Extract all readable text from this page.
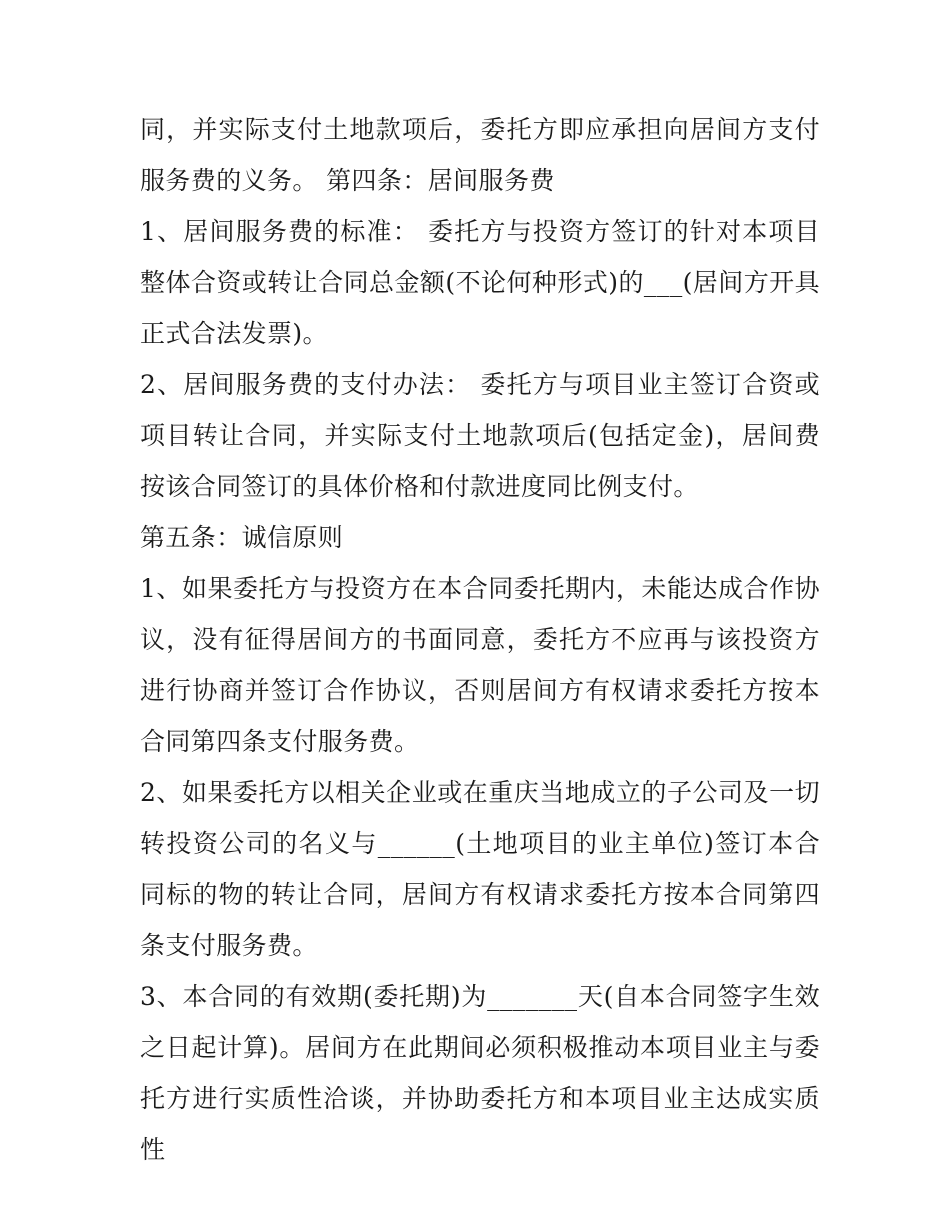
同，并实际支付土地款项后，委托方即应承担向居间方支付服务费的义务。 第四条：居间服务费

1、居间服务费的标准： 委托方与投资方签订的针对本项目整体合资或转让合同总金额(不论何种形式)的___(居间方开具正式合法发票)。

2、居间服务费的支付办法： 委托方与项目业主签订合资或项目转让合同，并实际支付土地款项后(包括定金)，居间费按该合同签订的具体价格和付款进度同比例支付。

第五条：诚信原则

1、如果委托方与投资方在本合同委托期内，未能达成合作协议，没有征得居间方的书面同意，委托方不应再与该投资方进行协商并签订合作协议，否则居间方有权请求委托方按本合同第四条支付服务费。

2、如果委托方以相关企业或在重庆当地成立的子公司及一切转投资公司的名义与______(土地项目的业主单位)签订本合同标的物的转让合同，居间方有权请求委托方按本合同第四条支付服务费。

3、本合同的有效期(委托期)为_______天(自本合同签字生效之日起计算)。居间方在此期间必须积极推动本项目业主与委托方进行实质性洽谈，并协助委托方和本项目业主达成实质性
